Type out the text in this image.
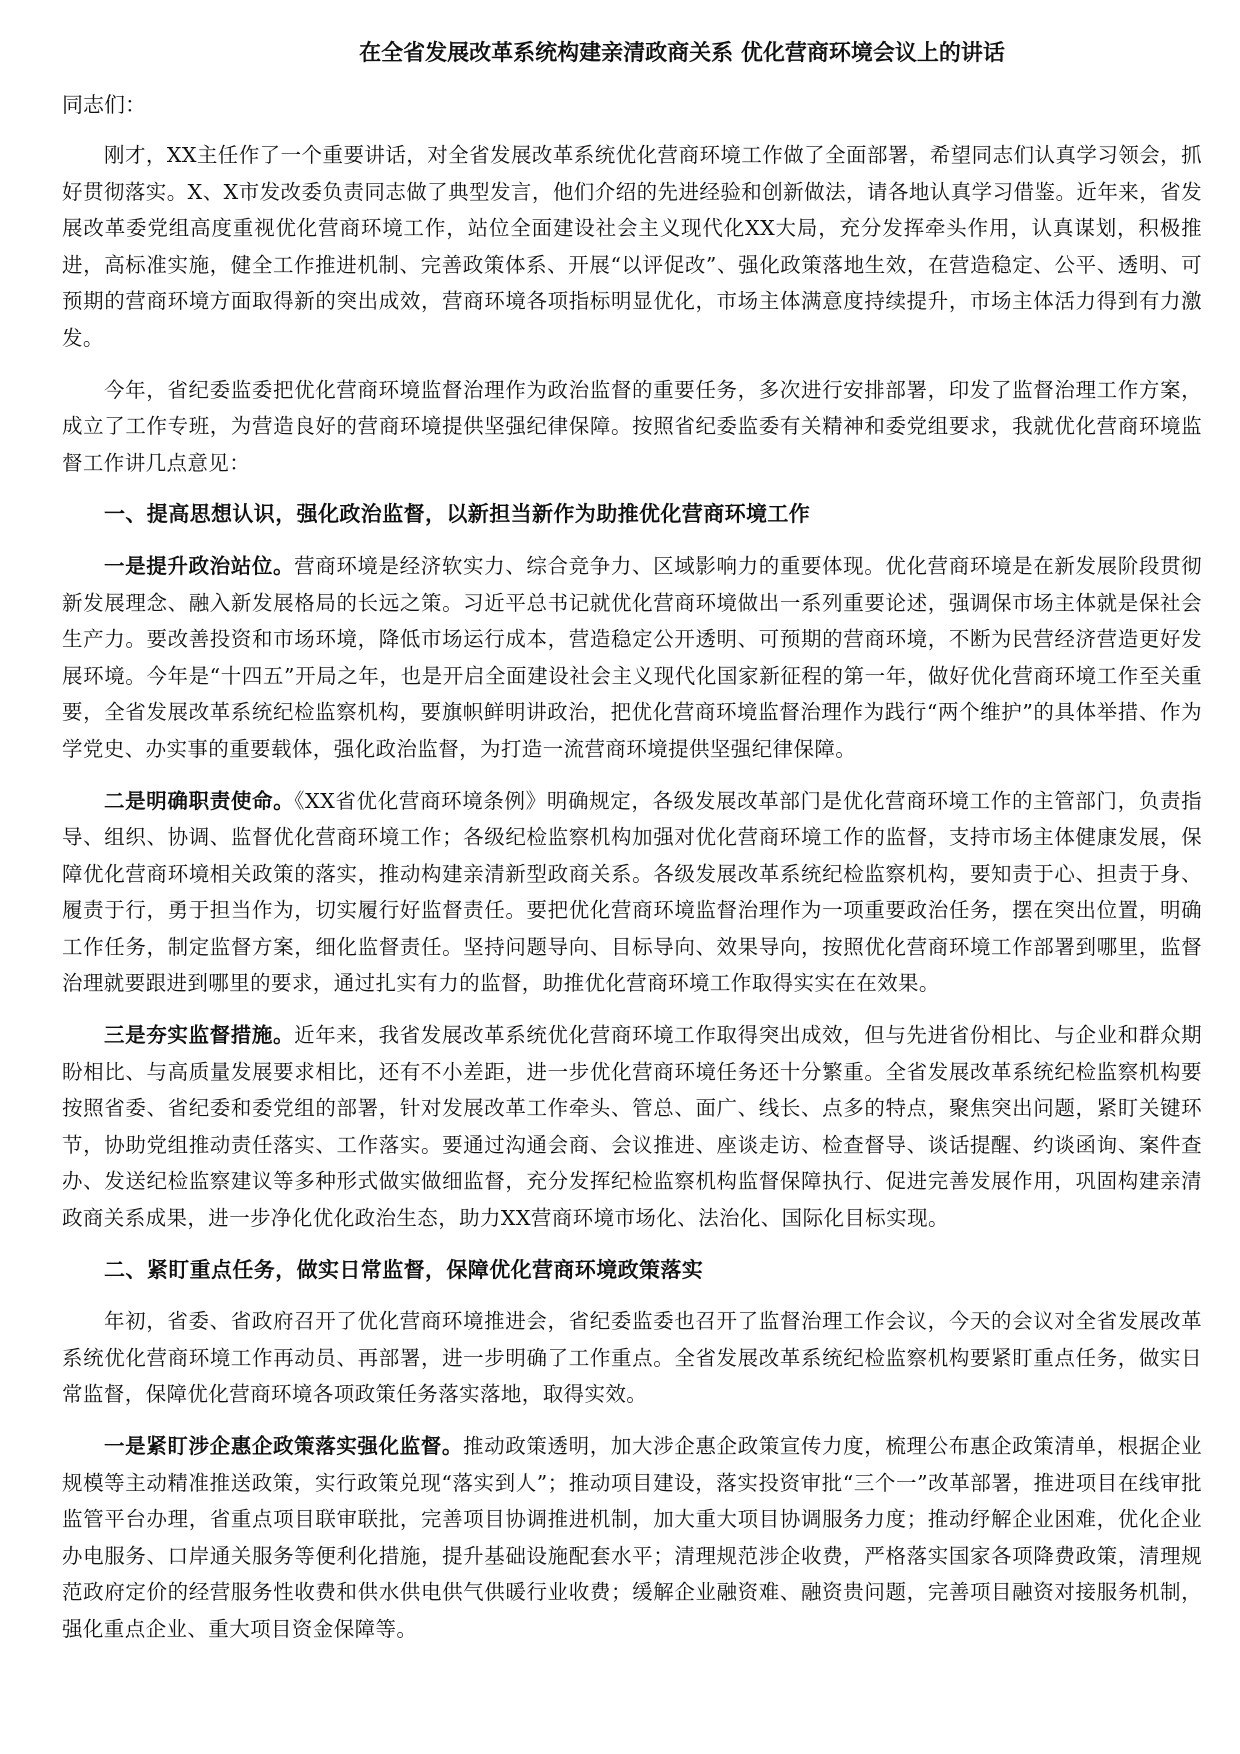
在全省发展改革系统构建亲清政商关系 优化营商环境会议上的讲话

同志们：

刚才，XX主任作了一个重要讲话，对全省发展改革系统优化营商环境工作做了全面部署，希望同志们认真学习领会，抓好贯彻落实。X、X市发改委负责同志做了典型发言，他们介绍的先进经验和创新做法，请各地认真学习借鉴。近年来，省发展改革委党组高度重视优化营商环境工作，站位全面建设社会主义现代化XX大局，充分发挥牵头作用，认真谋划，积极推进，高标准实施，健全工作推进机制、完善政策体系、开展“以评促改”、强化政策落地生效，在营造稳定、公平、透明、可预期的营商环境方面取得新的突出成效，营商环境各项指标明显优化，市场主体满意度持续提升，市场主体活力得到有力激发。

今年，省纪委监委把优化营商环境监督治理作为政治监督的重要任务，多次进行安排部署，印发了监督治理工作方案，成立了工作专班，为营造良好的营商环境提供坚强纪律保障。按照省纪委监委有关精神和委党组要求，我就优化营商环境监督工作讲几点意见：

一、提高思想认识，强化政治监督，以新担当新作为助推优化营商环境工作

一是提升政治站位。营商环境是经济软实力、综合竞争力、区域影响力的重要体现。优化营商环境是在新发展阶段贯彻新发展理念、融入新发展格局的长远之策。习近平总书记就优化营商环境做出一系列重要论述，强调保市场主体就是保社会生产力。要改善投资和市场环境，降低市场运行成本，营造稳定公开透明、可预期的营商环境，不断为民营经济营造更好发展环境。今年是“十四五”开局之年，也是开启全面建设社会主义现代化国家新征程的第一年，做好优化营商环境工作至关重要，全省发展改革系统纪检监察机构，要旗帜鲜明讲政治，把优化营商环境监督治理作为践行“两个维护”的具体举措、作为学党史、办实事的重要载体，强化政治监督，为打造一流营商环境提供坚强纪律保障。

二是明确职责使命。《XX省优化营商环境条例》明确规定，各级发展改革部门是优化营商环境工作的主管部门，负责指导、组织、协调、监督优化营商环境工作；各级纪检监察机构加强对优化营商环境工作的监督，支持市场主体健康发展，保障优化营商环境相关政策的落实，推动构建亲清新型政商关系。各级发展改革系统纪检监察机构，要知责于心、担责于身、履责于行，勇于担当作为，切实履行好监督责任。要把优化营商环境监督治理作为一项重要政治任务，摆在突出位置，明确工作任务，制定监督方案，细化监督责任。坚持问题导向、目标导向、效果导向，按照优化营商环境工作部署到哪里，监督治理就要跟进到哪里的要求，通过扎实有力的监督，助推优化营商环境工作取得实实在在效果。

三是夯实监督措施。近年来，我省发展改革系统优化营商环境工作取得突出成效，但与先进省份相比、与企业和群众期盼相比、与高质量发展要求相比，还有不小差距，进一步优化营商环境任务还十分繁重。全省发展改革系统纪检监察机构要按照省委、省纪委和委党组的部署，针对发展改革工作牵头、管总、面广、线长、点多的特点，聚焦突出问题，紧盯关键环节，协助党组推动责任落实、工作落实。要通过沟通会商、会议推进、座谈走访、检查督导、谈话提醒、约谈函询、案件查办、发送纪检监察建议等多种形式做实做细监督，充分发挥纪检监察机构监督保障执行、促进完善发展作用，巩固构建亲清政商关系成果，进一步净化优化政治生态，助力XX营商环境市场化、法治化、国际化目标实现。

二、紧盯重点任务，做实日常监督，保障优化营商环境政策落实

年初，省委、省政府召开了优化营商环境推进会，省纪委监委也召开了监督治理工作会议，今天的会议对全省发展改革系统优化营商环境工作再动员、再部署，进一步明确了工作重点。全省发展改革系统纪检监察机构要紧盯重点任务，做实日常监督，保障优化营商环境各项政策任务落实落地，取得实效。

一是紧盯涉企惠企政策落实强化监督。推动政策透明，加大涉企惠企政策宣传力度，梳理公布惠企政策清单，根据企业规模等主动精准推送政策，实行政策兑现“落实到人”；推动项目建设，落实投资审批“三个一”改革部署，推进项目在线审批监管平台办理，省重点项目联审联批，完善项目协调推进机制，加大重大项目协调服务力度；推动纾解企业困难，优化企业办电服务、口岸通关服务等便利化措施，提升基础设施配套水平；清理规范涉企收费，严格落实国家各项降费政策，清理规范政府定价的经营服务性收费和供水供电供气供暖行业收费；缓解企业融资难、融资贵问题，完善项目融资对接服务机制，强化重点企业、重大项目资金保障等。
